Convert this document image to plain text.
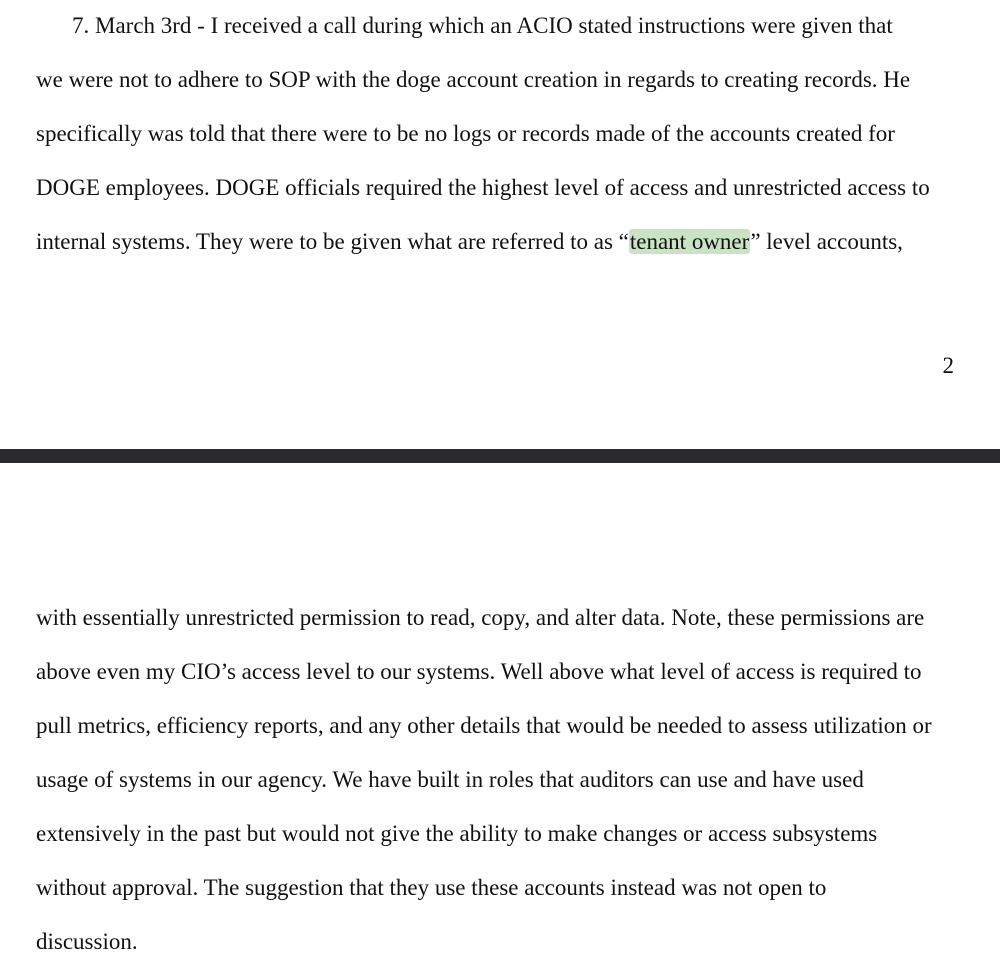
7. March 3rd - I received a call during which an ACIO stated instructions were given that
we were not to adhere to SOP with the doge account creation in regards to creating records. He
specifically was told that there were to be no logs or records made of the accounts created for
DOGE employees. DOGE officials required the highest level of access and unrestricted access to
internal systems. They were to be given what are referred to as “tenant owner” level accounts,
2
with essentially unrestricted permission to read, copy, and alter data. Note, these permissions are
above even my CIO’s access level to our systems. Well above what level of access is required to
pull metrics, efficiency reports, and any other details that would be needed to assess utilization or
usage of systems in our agency. We have built in roles that auditors can use and have used
extensively in the past but would not give the ability to make changes or access subsystems
without approval. The suggestion that they use these accounts instead was not open to
discussion.
